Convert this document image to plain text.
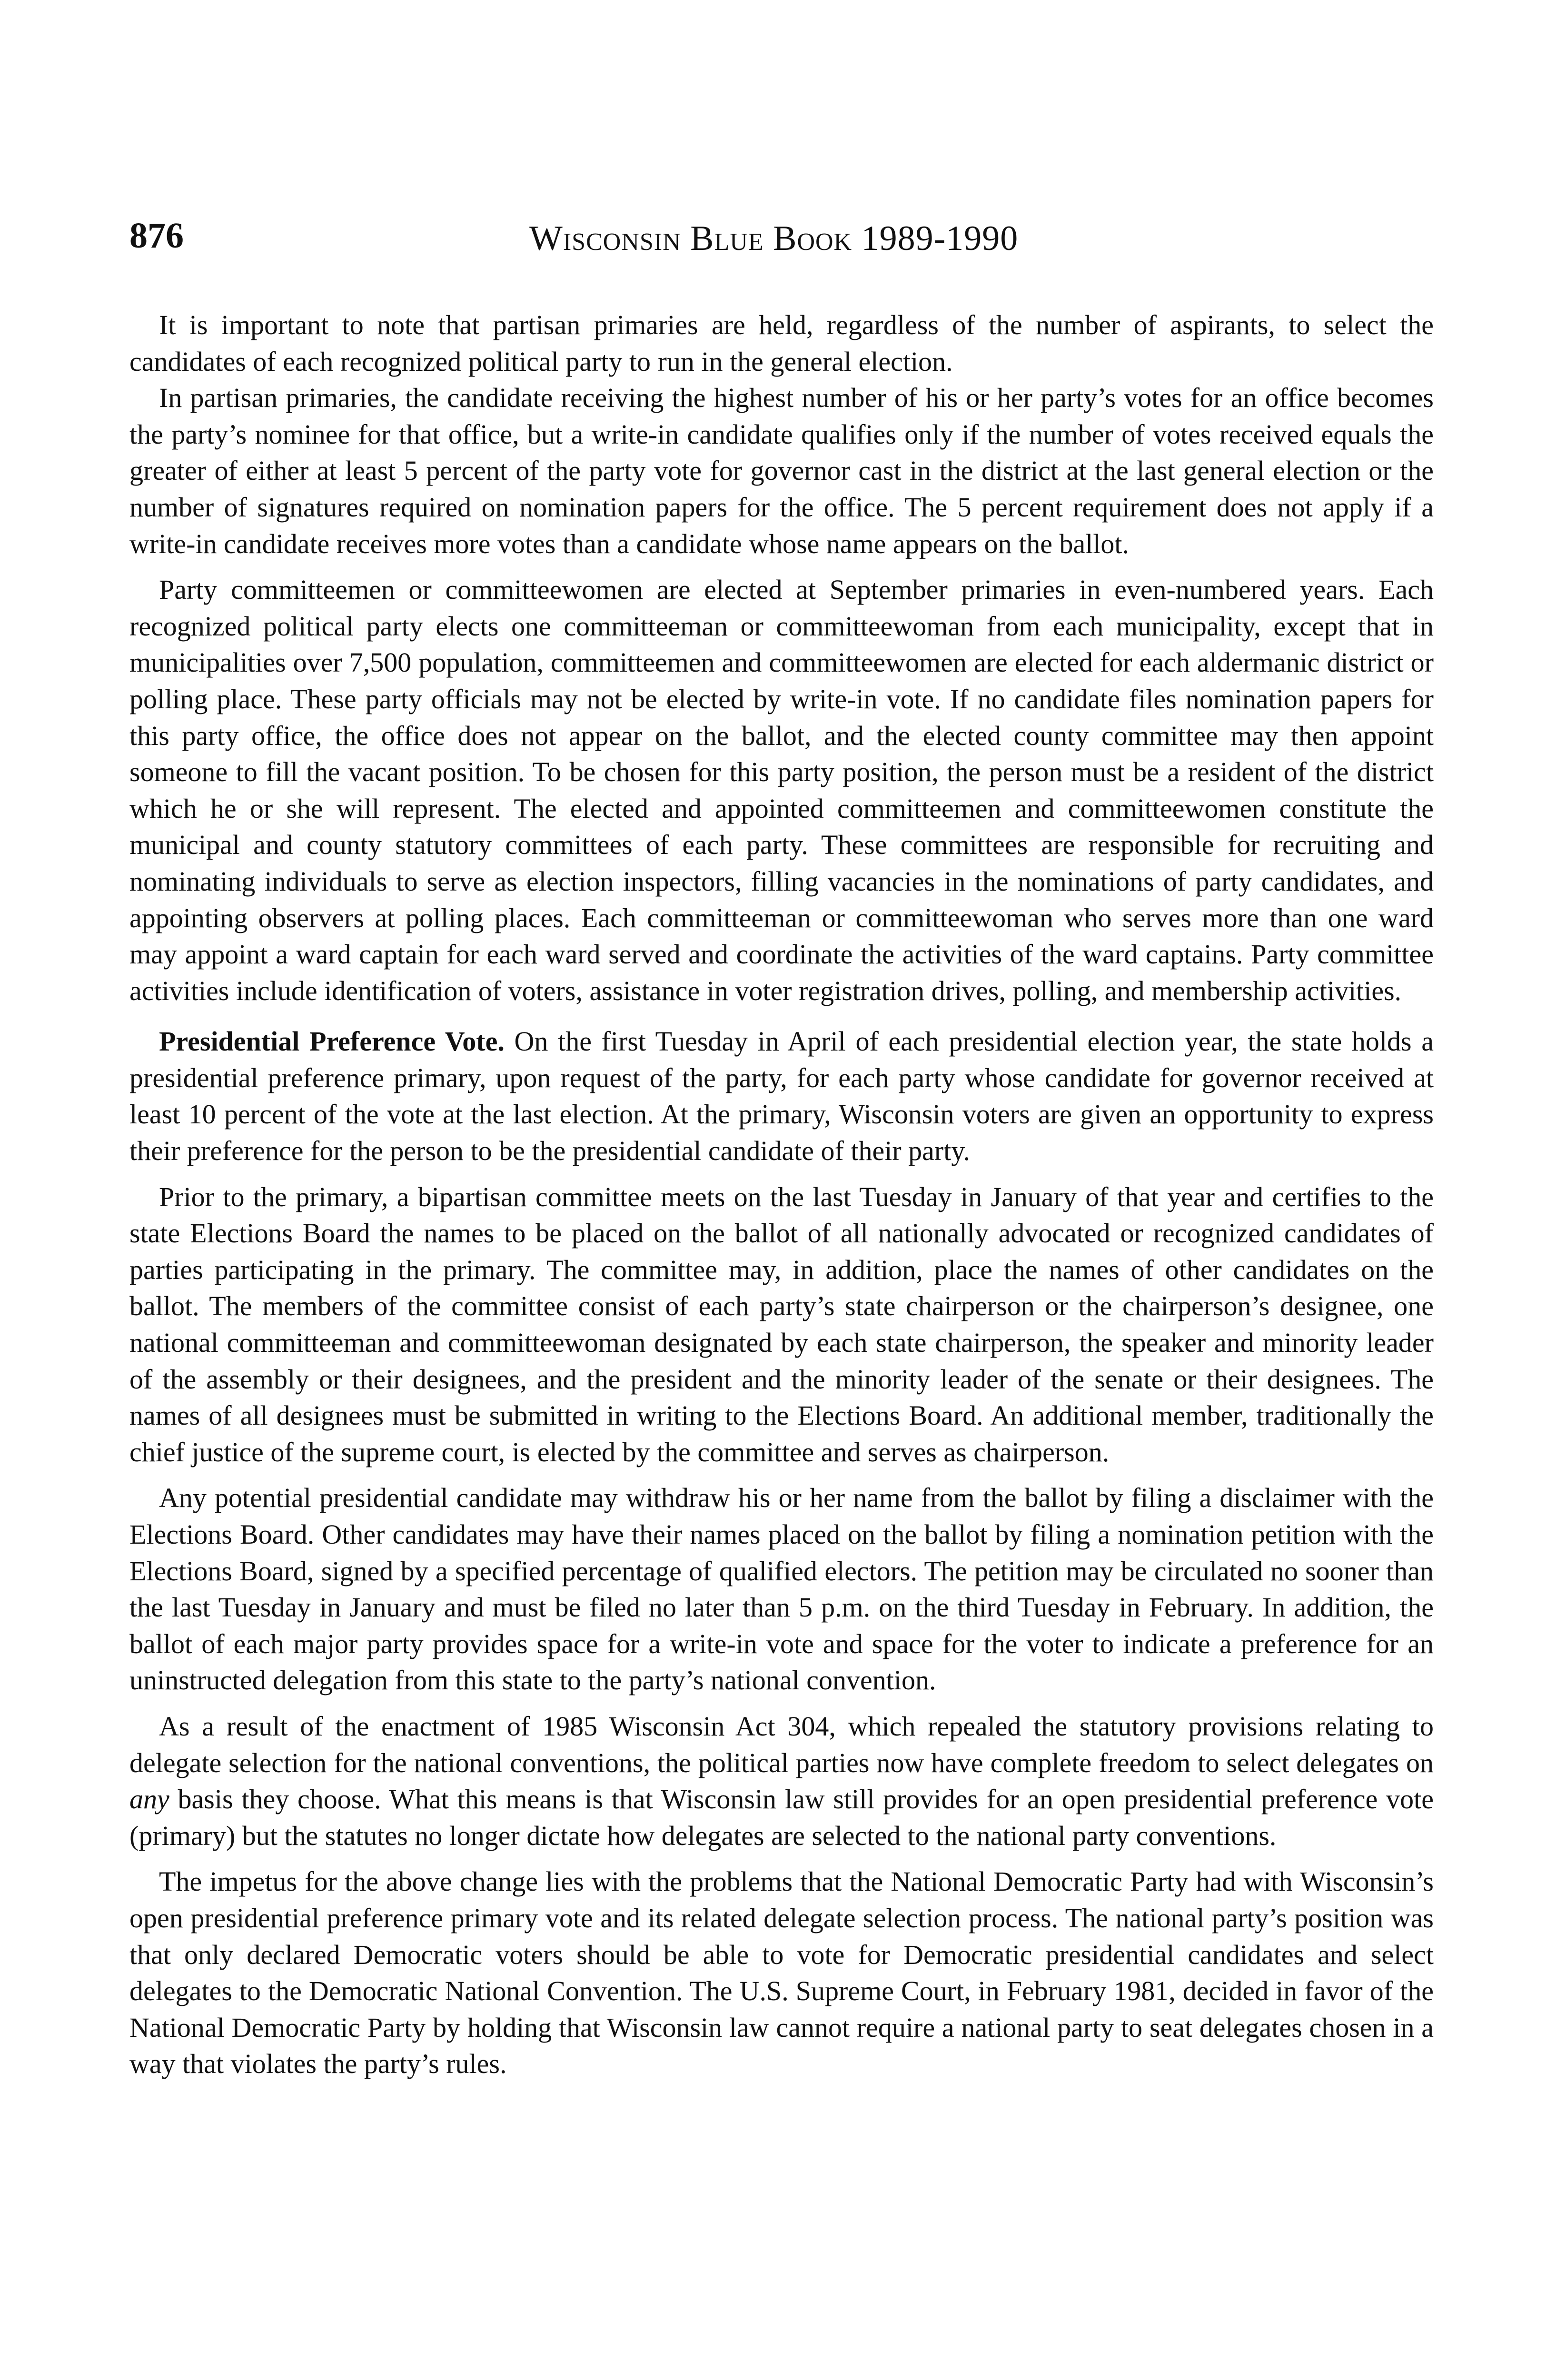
876	Wisconsin Blue Book 1989-1990

It is important to note that partisan primaries are held, regardless of the number of aspirants, to select the candidates of each recognized political party to run in the general election.

In partisan primaries, the candidate receiving the highest number of his or her party’s votes for an office becomes the party’s nominee for that office, but a write-in candidate qualifies only if the number of votes received equals the greater of either at least 5 percent of the party vote for governor cast in the district at the last general election or the number of signatures required on nomination papers for the office. The 5 percent requirement does not apply if a write-in candidate receives more votes than a candidate whose name appears on the ballot.

Party committeemen or committeewomen are elected at September primaries in even-numbered years. Each recognized political party elects one committeeman or committeewoman from each municipality, except that in municipalities over 7,500 population, committeemen and committeewomen are elected for each aldermanic district or polling place. These party officials may not be elected by write-in vote. If no candidate files nomination papers for this party office, the office does not appear on the ballot, and the elected county committee may then appoint someone to fill the vacant position. To be chosen for this party position, the person must be a resident of the district which he or she will represent. The elected and appointed committeemen and committeewomen constitute the municipal and county statutory committees of each party. These committees are responsible for recruiting and nominating individuals to serve as election inspectors, filling vacancies in the nominations of party candidates, and appointing observers at polling places. Each committeeman or committeewoman who serves more than one ward may appoint a ward captain for each ward served and coordinate the activities of the ward captains. Party committee activities include identification of voters, assistance in voter registration drives, polling, and membership activities.

Presidential Preference Vote. On the first Tuesday in April of each presidential election year, the state holds a presidential preference primary, upon request of the party, for each party whose candidate for governor received at least 10 percent of the vote at the last election. At the primary, Wisconsin voters are given an opportunity to express their preference for the person to be the presidential candidate of their party.

Prior to the primary, a bipartisan committee meets on the last Tuesday in January of that year and certifies to the state Elections Board the names to be placed on the ballot of all nationally advocated or recognized candidates of parties participating in the primary. The committee may, in addition, place the names of other candidates on the ballot. The members of the committee consist of each party’s state chairperson or the chairperson’s designee, one national committeeman and committeewoman designated by each state chairperson, the speaker and minority leader of the assembly or their designees, and the president and the minority leader of the senate or their designees. The names of all designees must be submitted in writing to the Elections Board. An additional member, traditionally the chief justice of the supreme court, is elected by the committee and serves as chairperson.

Any potential presidential candidate may withdraw his or her name from the ballot by filing a disclaimer with the Elections Board. Other candidates may have their names placed on the ballot by filing a nomination petition with the Elections Board, signed by a specified percentage of qualified electors. The petition may be circulated no sooner than the last Tuesday in January and must be filed no later than 5 p.m. on the third Tuesday in February. In addition, the ballot of each major party provides space for a write-in vote and space for the voter to indicate a preference for an uninstructed delegation from this state to the party’s national convention.

As a result of the enactment of 1985 Wisconsin Act 304, which repealed the statutory provisions relating to delegate selection for the national conventions, the political parties now have complete freedom to select delegates on any basis they choose. What this means is that Wisconsin law still provides for an open presidential preference vote (primary) but the statutes no longer dictate how delegates are selected to the national party conventions.

The impetus for the above change lies with the problems that the National Democratic Party had with Wisconsin’s open presidential preference primary vote and its related delegate selection process. The national party’s position was that only declared Democratic voters should be able to vote for Democratic presidential candidates and select delegates to the Democratic National Convention. The U.S. Supreme Court, in February 1981, decided in favor of the National Democratic Party by holding that Wisconsin law cannot require a national party to seat delegates chosen in a way that violates the party’s rules.
